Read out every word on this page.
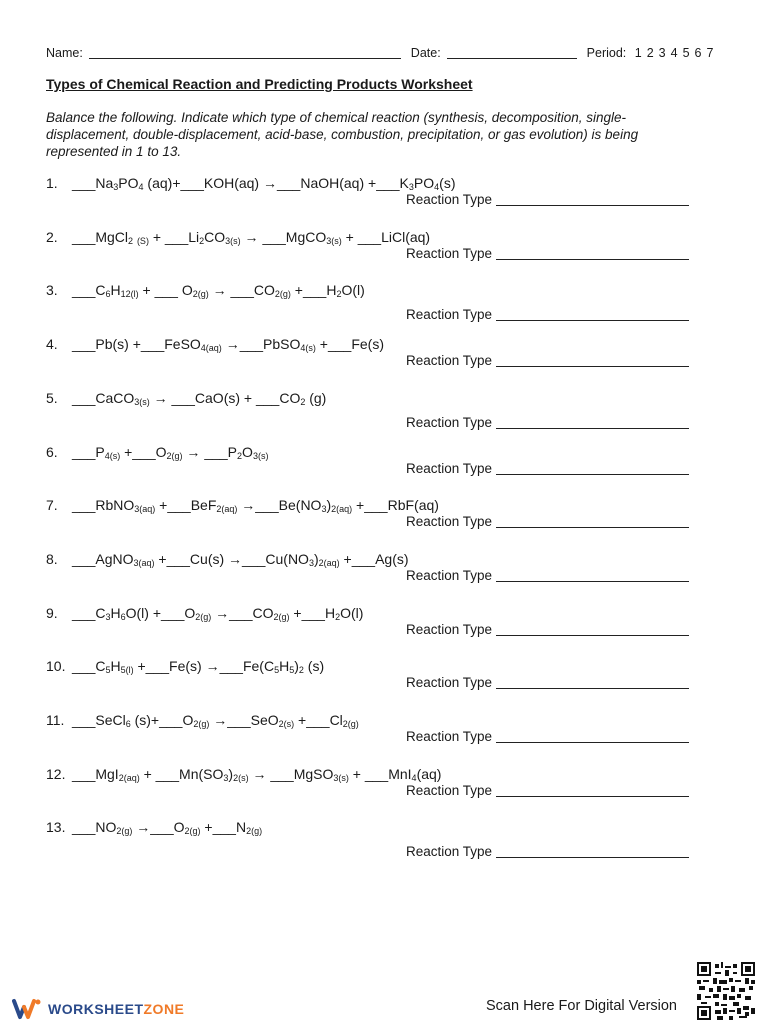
Name:	Date:	Period: 1 2 3 4 5 6 7
Types of Chemical Reaction and Predicting Products Worksheet
Balance the following. Indicate which type of chemical reaction (synthesis, decomposition, single-displacement, double-displacement, acid-base, combustion, precipitation, or gas evolution) is being represented in 1 to 13.
1. $\_\_\_Na_3PO_4$ (aq)+___KOH(aq) →___NaOH(aq) $+\_\_\_K_3PO_4(s)$
Reaction Type
2. ___MgCl$_2$ $_{(S)} + \_\_\_Li_2CO_{3(s)}$ → ___MgCO$_{3(s)}$ + ___LiCl(aq)
Reaction Type
3. $\_\_\_C_6H_{12(l)}$ + ___ $O_{2(g)}$ → $\_\_\_CO_{2(g)}$ $+\_\_\_H_2O(l)$
Reaction Type
4. ___Pb(s) +___FeSO$_{4(aq)}$ →___PbSO$_{4(s)}$ +___Fe(s)
Reaction Type
5. ___CaCO$_{3(s)}$ → ___CaO(s) + $\_\_\_CO_2$ (g)
Reaction Type
6. $\_\_\_P_{4(s)}$ $+\_\_\_O_{2(g)}$ → $\_\_\_P_2O_{3(s)}$
Reaction Type
7. ___RbNO$_{3(aq)}$ +___BeF$_{2(aq)}$ $\to\_\_\_Be(NO_3)_{2(aq)}$ +___RbF(aq)
Reaction Type
8. ___AgNO$_{3(aq)}$ +___Cu(s) $\to\_\_\_Cu(NO_3)_{2(aq)}$ +___Ag(s)
Reaction Type
9. $\_\_\_C_3H_6O(l)$ $+\_\_\_O_{2(g)}$ $\to\_\_\_CO_{2(g)}$ $+\_\_\_H_2O(l)$
Reaction Type
10. $\_\_\_C_5H_{5(l)}$ +___Fe(s) $\to\_\_\_Fe(C_5H_5)_2$ (s)
Reaction Type
11. ___SeCl$_6$ $(s)+\_\_\_O_{2(g)}$ →___SeO$_{2(s)}$ $+\_\_\_Cl_{2(g)}$
Reaction Type
12. ___MgI$_{2(aq)}$ + $\_\_\_Mn(SO_3)_{2(s)}$ → ___MgSO$_{3(s)}$ + ___MnI$_4$(aq)
Reaction Type
13. $\_\_\_NO_{2(g)}$ $\to\_\_\_O_{2(g)}$ $+\_\_\_N_{2(g)}$
Reaction Type
WORKSHEETZONE	Scan Here For Digital Version
